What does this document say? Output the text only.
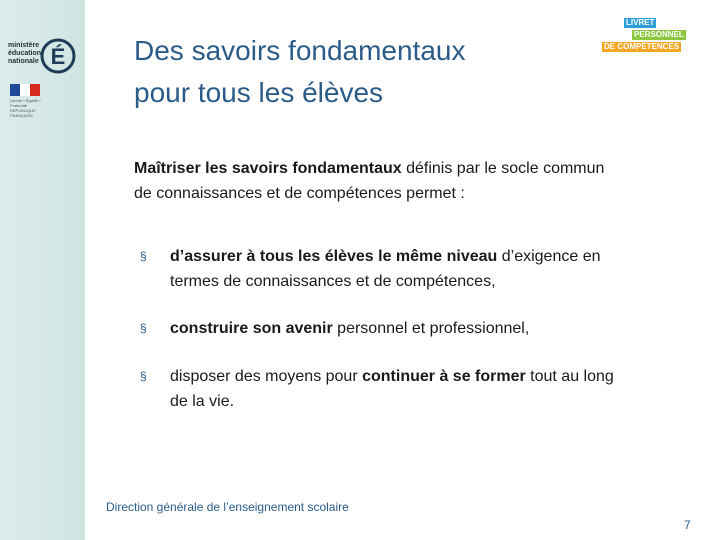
ministère
éducation
nationale É
Liberté • Égalité • Fraternité RÉPUBLIQUE FRANÇAISE
Des savoirs fondamentaux
pour tous les élèves
LIVRET
PERSONNEL
DE COMPÉTENCES
Maîtriser les savoirs fondamentaux définis par le socle commun
de connaissances et de compétences permet :
§ d’assurer à tous les élèves le même niveau d’exigence en
termes de connaissances et de compétences,
§ construire son avenir personnel et professionnel,
§ disposer des moyens pour continuer à se former tout au long
de la vie.
Direction générale de l’enseignement scolaire
7
